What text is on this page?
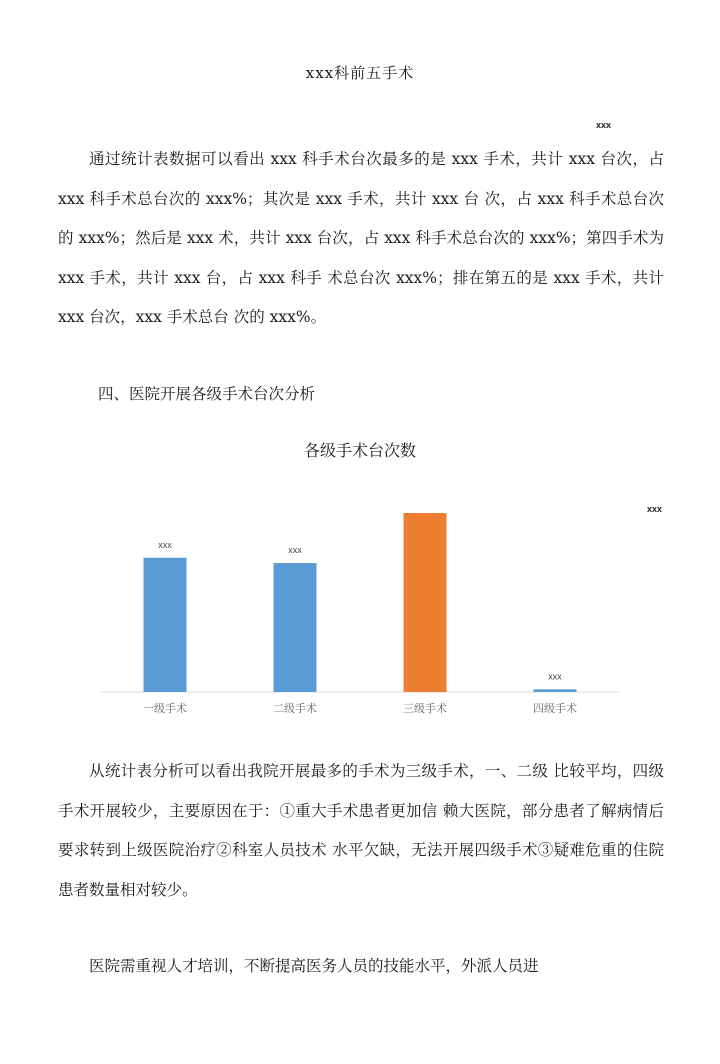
xxx科前五手术
xxx

通过统计表数据可以看出 xxx 科手术台次最多的是 xxx 手术，共计 xxx 台次，占 xxx 科手术总台次的 xxx%；其次是 xxx 手术，共计 xxx 台 次，占 xxx 科手术总台次的 xxx%；然后是 xxx 术，共计 xxx 台次，占 xxx 科手术总台次的 xxx%；第四手术为 xxx 手术，共计 xxx 台，占 xxx 科手 术总台次 xxx%；排在第五的是 xxx 手术，共计 xxx 台次，xxx 手术总台 次的 xxx%。

四、医院开展各级手术台次分析
各级手术台次数
xxx
xxx
xxx
xxx
一级手术	二级手术	三级手术	四级手术

从统计表分析可以看出我院开展最多的手术为三级手术，一、二级 比较平均，四级手术开展较少，主要原因在于：①重大手术患者更加信 赖大医院，部分患者了解病情后要求转到上级医院治疗②科室人员技术 水平欠缺，无法开展四级手术③疑难危重的住院患者数量相对较少。

医院需重视人才培训，不断提高医务人员的技能水平，外派人员进
